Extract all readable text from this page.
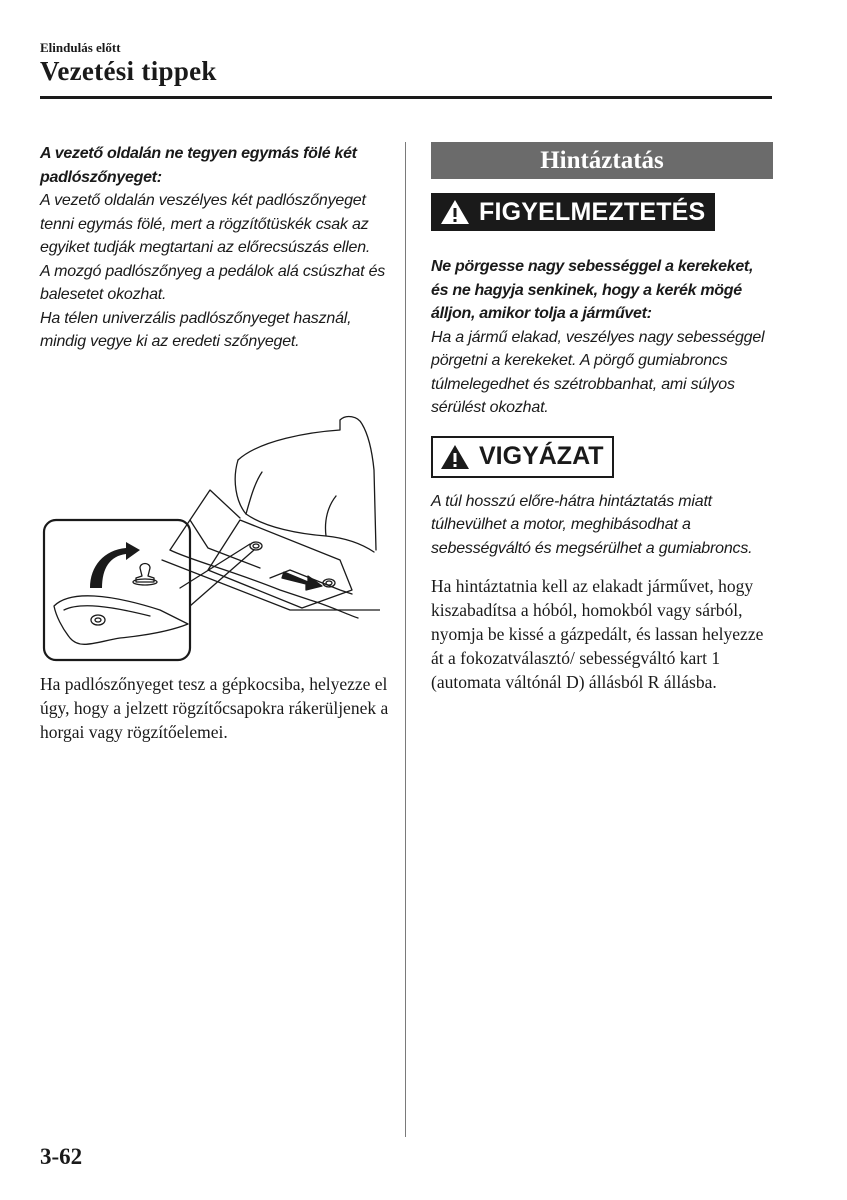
Elindulás előtt
Vezetési tippek
A vezető oldalán ne tegyen egymás fölé két padlószőnyeget:

A vezető oldalán veszélyes két padlószőnyeget tenni egymás fölé, mert a rögzítőtüskék csak az egyiket tudják megtartani az előrecsúszás ellen.

A mozgó padlószőnyeg a pedálok alá csúszhat és balesetet okozhat.

Ha télen univerzális padlószőnyeget használ, mindig vegye ki az eredeti szőnyeget.

Ha padlószőnyeget tesz a gépkocsiba, helyezze el úgy, hogy a jelzett rögzítőcsapokra rákerüljenek a horgai vagy rögzítőelemei.
Hintáztatás
FIGYELMEZTETÉS
Ne pörgesse nagy sebességgel a kerekeket, és ne hagyja senkinek, hogy a kerék mögé álljon, amikor tolja a járművet:
Ha a jármű elakad, veszélyes nagy sebességgel pörgetni a kerekeket. A pörgő gumiabroncs túlmelegedhet és szétrobbanhat, ami súlyos sérülést okozhat.
VIGYÁZAT
A túl hosszú előre-hátra hintáztatás miatt túlhevülhet a motor, meghibásodhat a sebességváltó és megsérülhet a gumiabroncs.
Ha hintáztatnia kell az elakadt járművet, hogy kiszabadítsa a hóból, homokból vagy sárból, nyomja be kissé a gázpedált, és lassan helyezze át a fokozatválasztó/ sebességváltó kart 1 (automata váltónál D) állásból R állásba.
3-62
